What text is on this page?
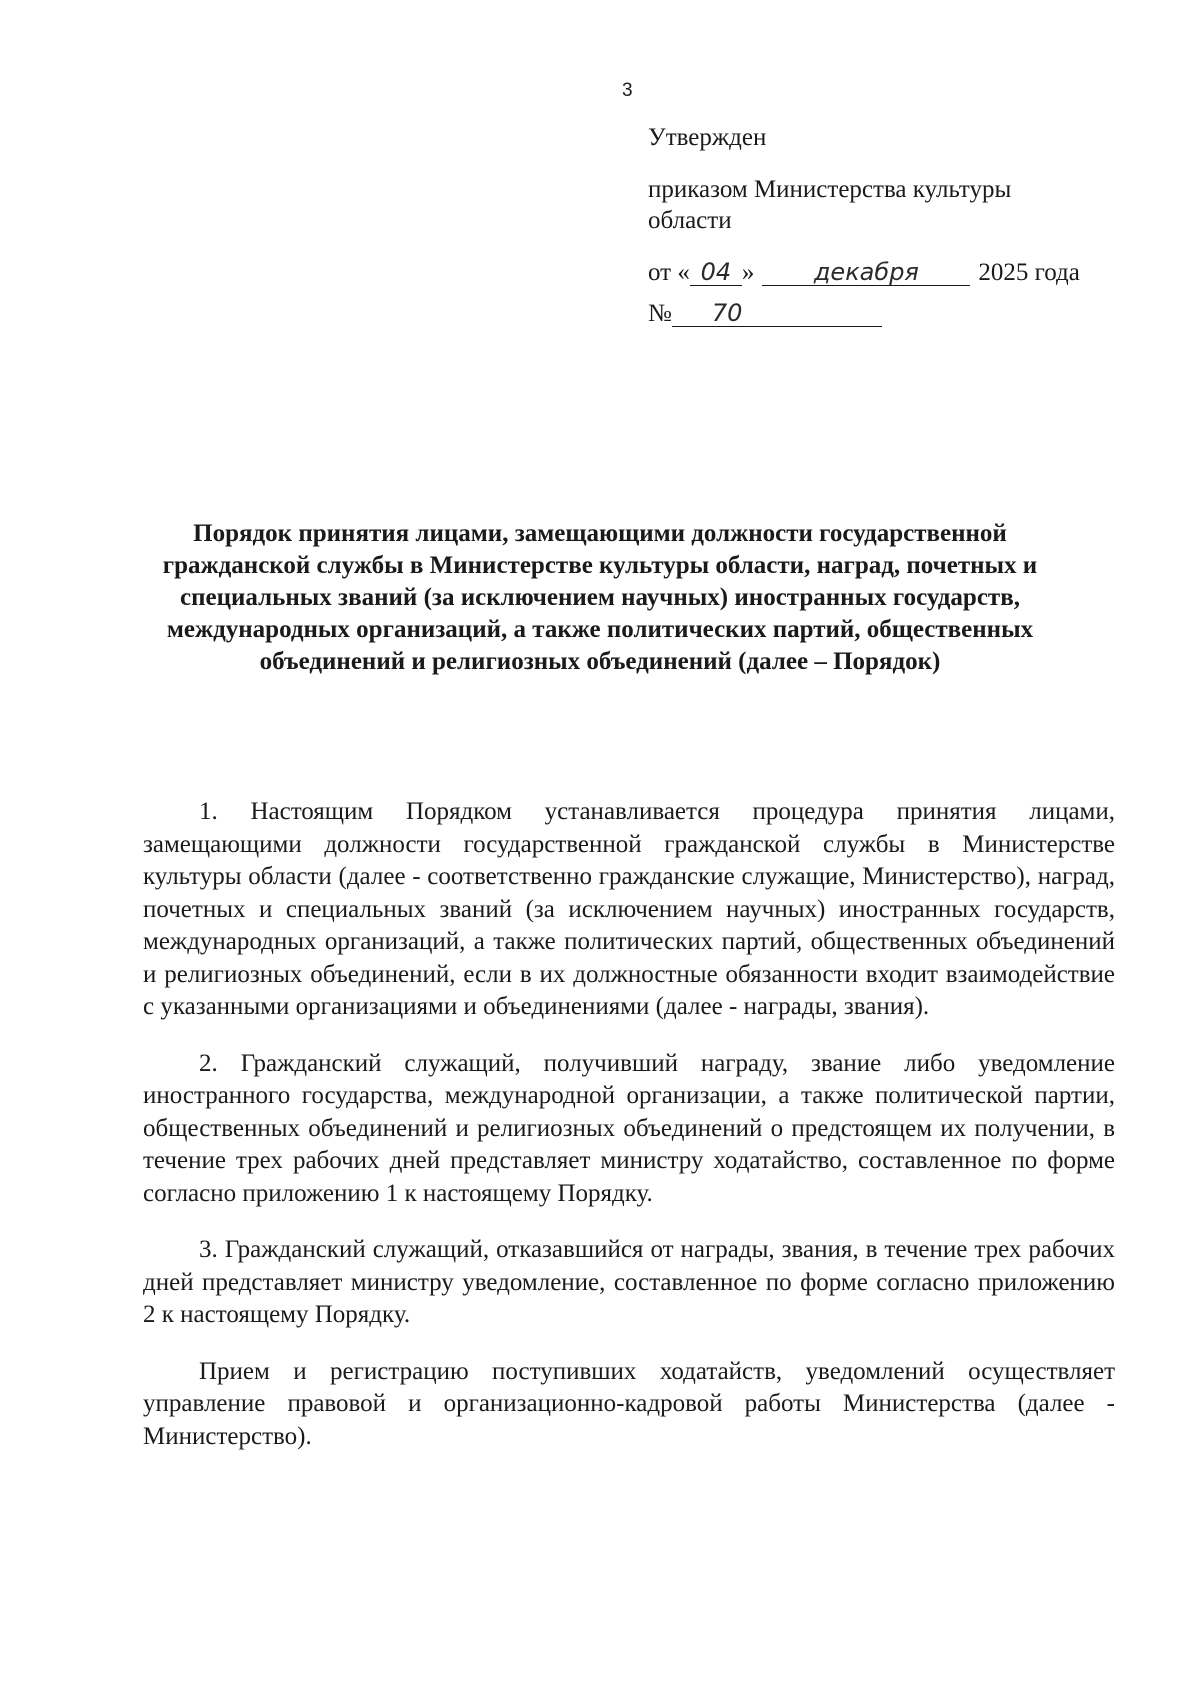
3
Утвержден
приказом Министерства культуры
области
от « 04 » декабря 2025 года
№ 70
Порядок принятия лицами, замещающими должности государственной гражданской службы в Министерстве культуры области, наград, почетных и специальных званий (за исключением научных) иностранных государств, международных организаций, а также политических партий, общественных объединений и религиозных объединений (далее – Порядок)

1. Настоящим Порядком устанавливается процедура принятия лицами, замещающими должности государственной гражданской службы в Министерстве культуры области (далее - соответственно гражданские служащие, Министерство), наград, почетных и специальных званий (за исключением научных) иностранных государств, международных организаций, а также политических партий, общественных объединений и религиозных объединений, если в их должностные обязанности входит взаимодействие с указанными организациями и объединениями (далее - награды, звания).

2. Гражданский служащий, получивший награду, звание либо уведомление иностранного государства, международной организации, а также политической партии, общественных объединений и религиозных объединений о предстоящем их получении, в течение трех рабочих дней представляет министру ходатайство, составленное по форме согласно приложению 1 к настоящему Порядку.

3. Гражданский служащий, отказавшийся от награды, звания, в течение трех рабочих дней представляет министру уведомление, составленное по форме согласно приложению 2 к настоящему Порядку.

Прием и регистрацию поступивших ходатайств, уведомлений осуществляет управление правовой и организационно-кадровой работы Министерства (далее - Министерство).
